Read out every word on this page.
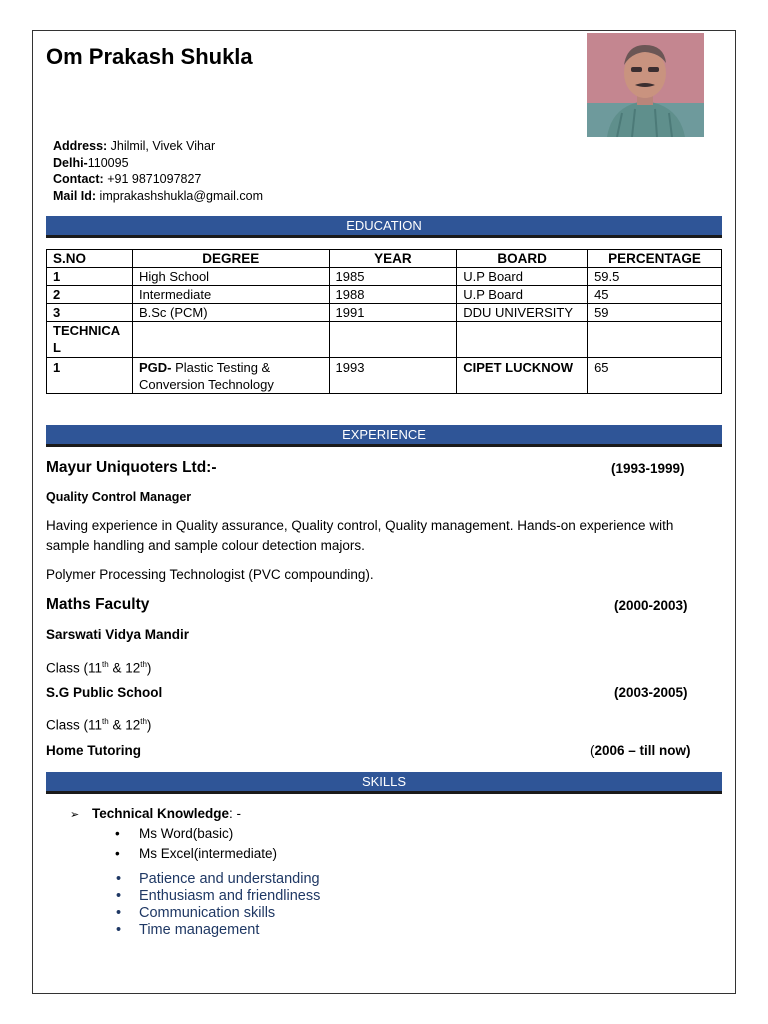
Om Prakash Shukla
Address: Jhilmil, Vivek Vihar
Delhi-110095
Contact: +91 9871097827
Mail Id: imprakashshukla@gmail.com
EDUCATION
S.NO	DEGREE	YEAR	BOARD	PERCENTAGE
1	High School	1985	U.P Board	59.5
2	Intermediate	1988	U.P Board	45
3	B.Sc (PCM)	1991	DDU UNIVERSITY	59
TECHNICA
L				
1	PGD- Plastic Testing & Conversion Technology	1993	CIPET LUCKNOW	65
EXPERIENCE
Mayur Uniquoters Ltd:-	(1993-1999)
Quality Control Manager
Having experience in Quality assurance, Quality control, Quality management. Hands-on experience with sample handling and sample colour detection majors.
Polymer Processing Technologist (PVC compounding).
Maths Faculty	(2000-2003)
Sarswati Vidya Mandir
Class (11th & 12th)
S.G Public School	(2003-2005)
Class (11th & 12th)
Home Tutoring	(2006 – till now)
SKILLS
➢ Technical Knowledge: -
• Ms Word(basic)
• Ms Excel(intermediate)
• Patience and understanding
• Enthusiasm and friendliness
• Communication skills
• Time management
